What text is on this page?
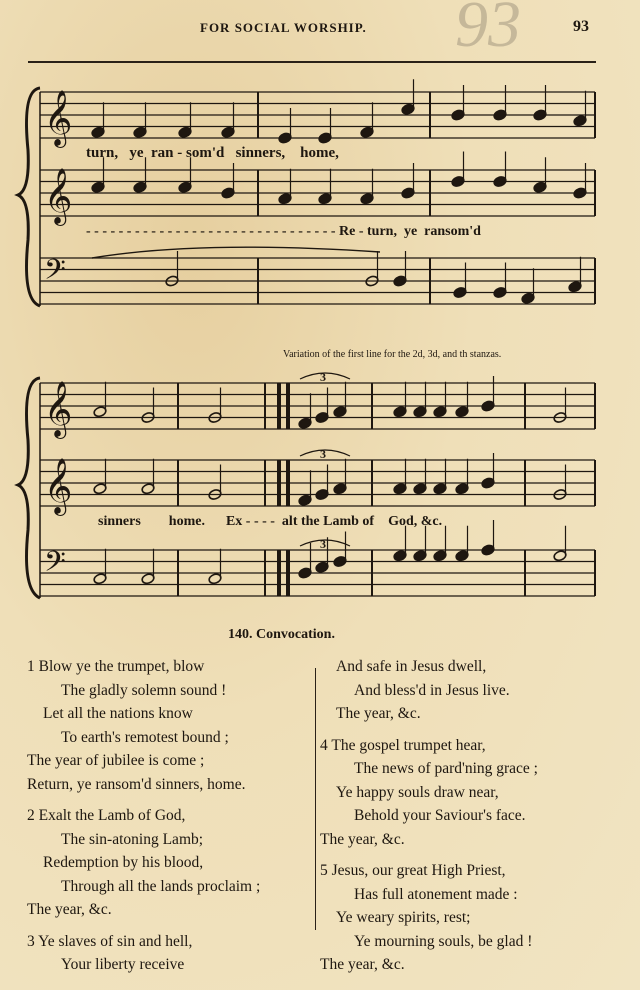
FOR SOCIAL WORSHIP. 93	93
𝄞
𝄞
𝄢
𝄞
𝄞
𝄢
3
3
3
turn,   ye  ran - som'd   sinners,    home,
- - - - - - - - - - - - - - - - - - - - - - - - - - - - - - - Re - turn,  ye  ransom'd
Variation of the first line for the 2d, 3d, and th stanzas.
sinners        home.      Ex - - - -  alt the Lamb of    God, &c.
140. Convocation.
1 Blow ye the trumpet, blow
The gladly solemn sound !
Let all the nations know
To earth's remotest bound ;
The year of jubilee is come ;
Return, ye ransom'd sinners, home.
2 Exalt the Lamb of God,
The sin-atoning Lamb;
Redemption by his blood,
Through all the lands proclaim ;
The year, &c.
3 Ye slaves of sin and hell,
Your liberty receive
And safe in Jesus dwell,
And bless'd in Jesus live.
The year, &c.
4 The gospel trumpet hear,
The news of pard'ning grace ;
Ye happy souls draw near,
Behold your Saviour's face.
The year, &c.
5 Jesus, our great High Priest,
Has full atonement made :
Ye weary spirits, rest;
Ye mourning souls, be glad !
The year, &c.
